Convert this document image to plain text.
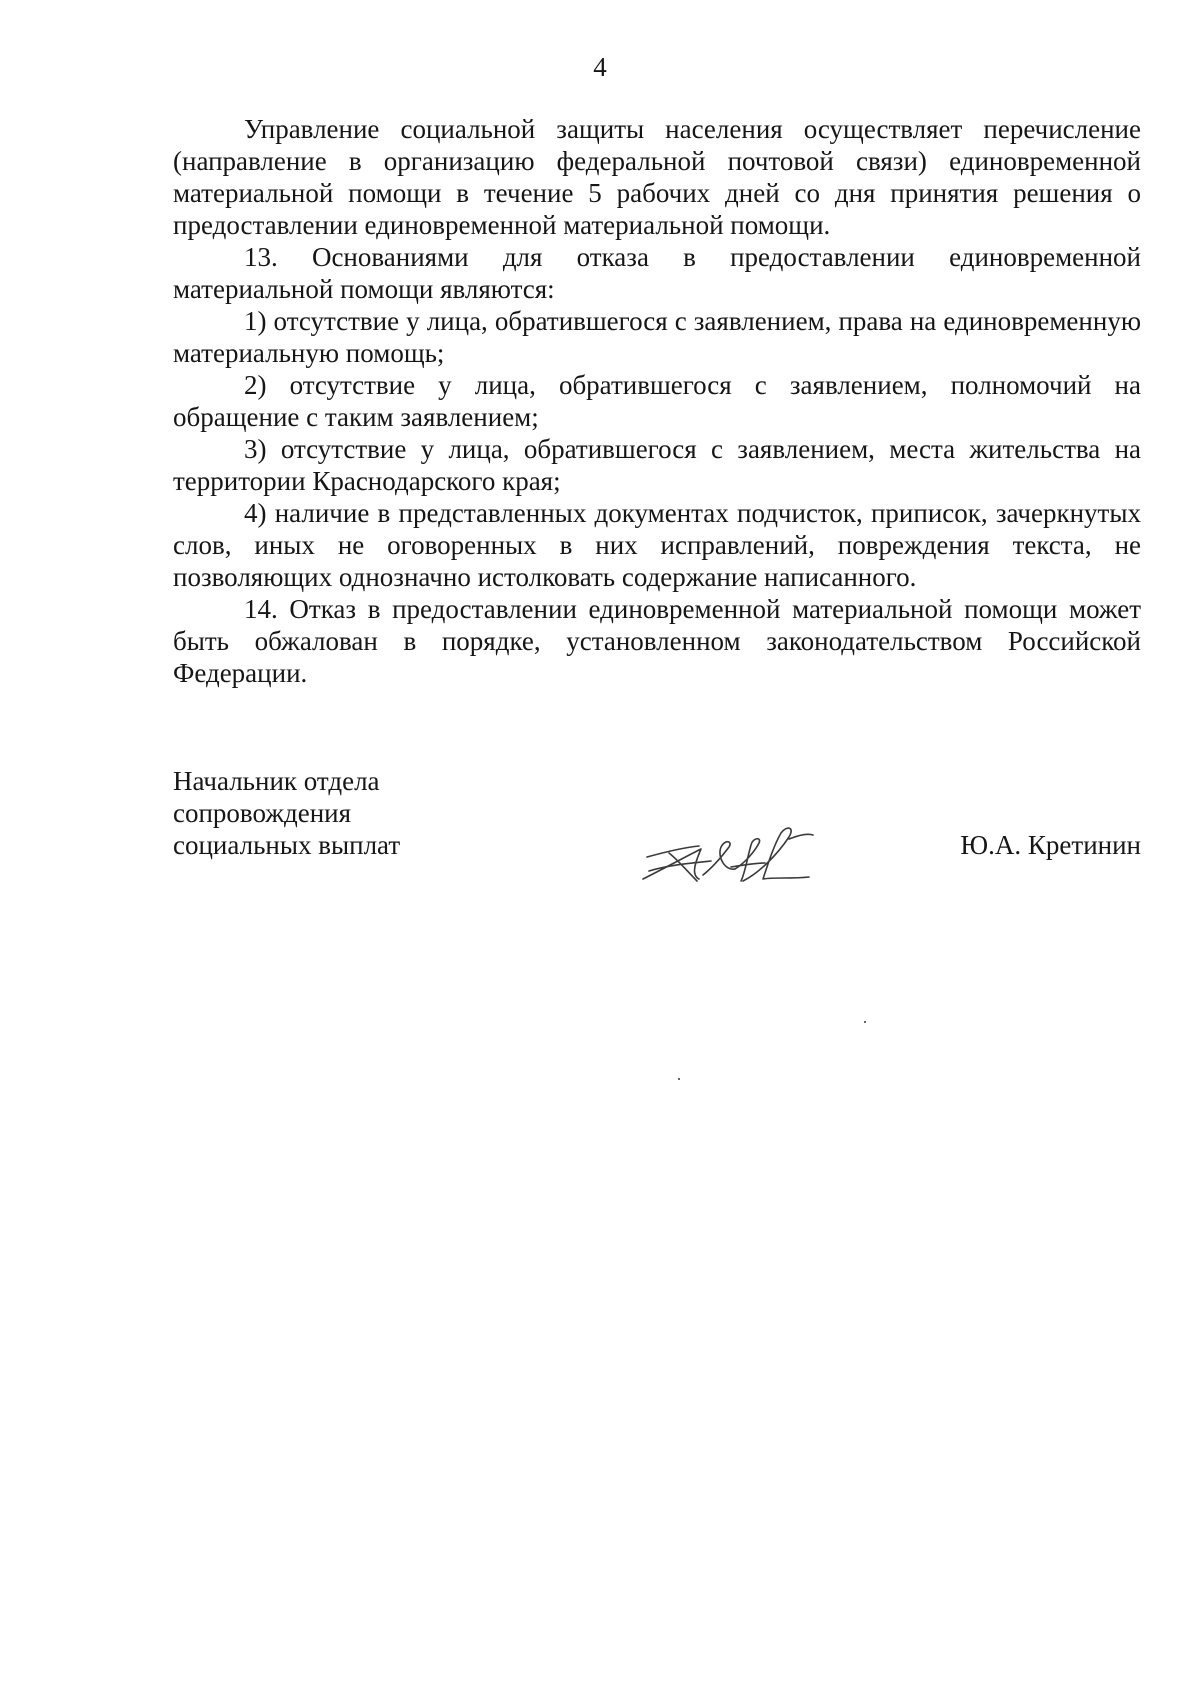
4

Управление социальной защиты населения осуществляет перечисление (направление в организацию федеральной почтовой связи) единовременной материальной помощи в течение 5 рабочих дней со дня принятия решения о предоставлении единовременной материальной помощи.

13. Основаниями для отказа в предоставлении единовременной материальной помощи являются:

1) отсутствие у лица, обратившегося с заявлением, права на единовременную материальную помощь;

2) отсутствие у лица, обратившегося с заявлением, полномочий на обращение с таким заявлением;

3) отсутствие у лица, обратившегося с заявлением, места жительства на территории Краснодарского края;

4) наличие в представленных документах подчисток, приписок, зачеркнутых слов, иных не оговоренных в них исправлений, повреждения текста, не позволяющих однозначно истолковать содержание написанного.

14. Отказ в предоставлении единовременной материальной помощи может быть обжалован в порядке, установленном законодательством Российской Федерации.

Начальник отдела
сопровождения
социальных выплат	Ю.А. Кретинин
